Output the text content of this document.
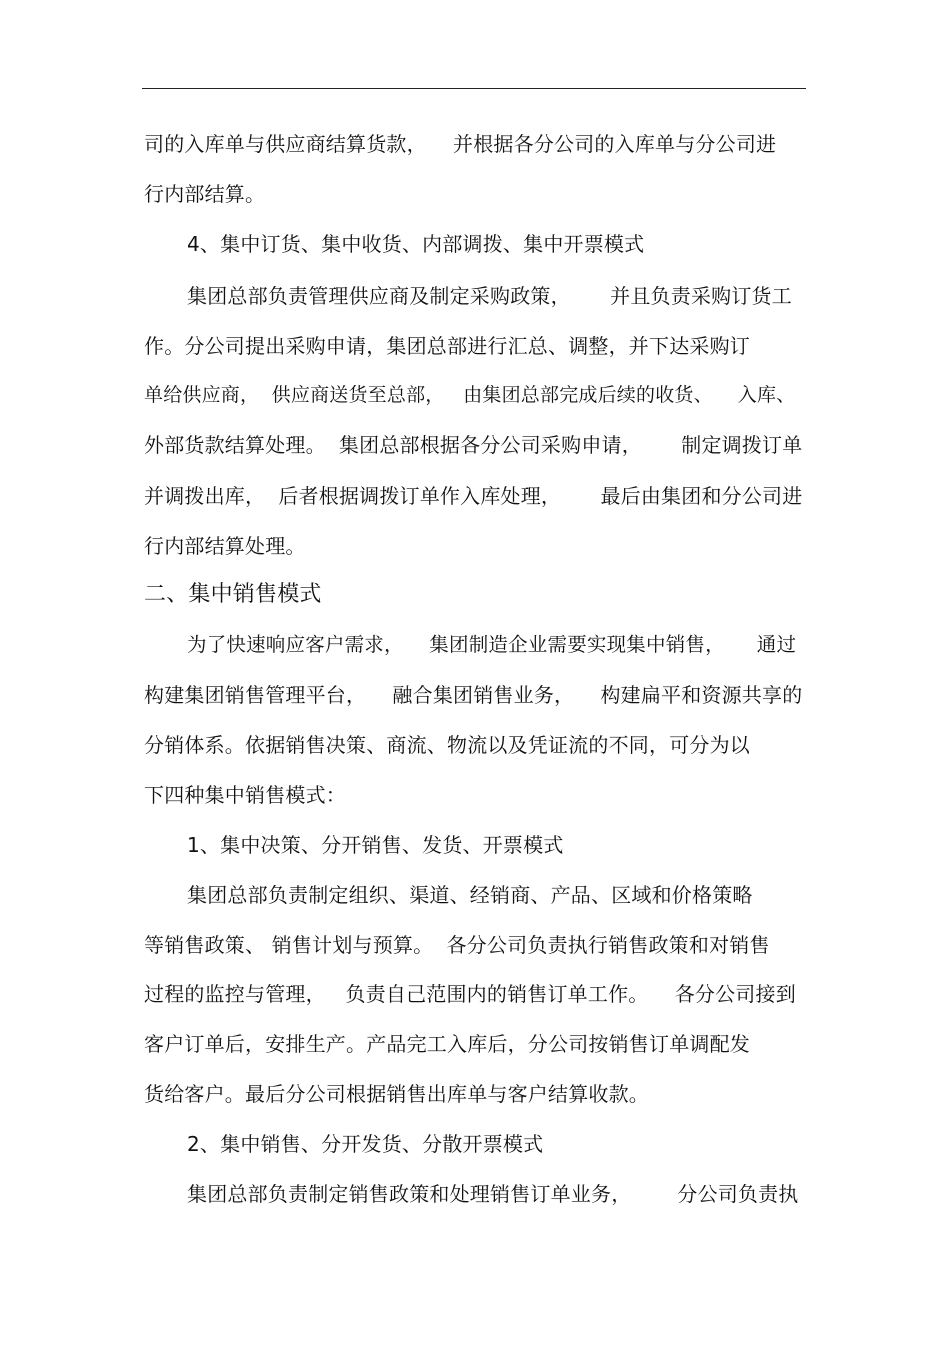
司的入库单与供应商结算货款，    并根据各分公司的入库单与分公司进
行内部结算。
4、集中订货、集中收货、内部调拨、集中开票模式
集团总部负责管理供应商及制定采购政策，      并且负责采购订货工
作。分公司提出采购申请，集团总部进行汇总、调整，并下达采购订
单给供应商，  供应商送货至总部，   由集团总部完成后续的收货、    入库、
外部货款结算处理。  集团总部根据各分公司采购申请，      制定调拨订单
并调拨出库，  后者根据调拨订单作入库处理，      最后由集团和分公司进
行内部结算处理。
二、集中销售模式
为了快速响应客户需求，    集团制造企业需要实现集中销售，     通过
构建集团销售管理平台，    融合集团销售业务，    构建扁平和资源共享的
分销体系。依据销售决策、商流、物流以及凭证流的不同，可分为以
下四种集中销售模式：
1、集中决策、分开销售、发货、开票模式
集团总部负责制定组织、渠道、经销商、产品、区域和价格策略
等销售政策、 销售计划与预算。  各分公司负责执行销售政策和对销售
过程的监控与管理，   负责自己范围内的销售订单工作。    各分公司接到
客户订单后，安排生产。产品完工入库后，分公司按销售订单调配发
货给客户。最后分公司根据销售出库单与客户结算收款。
2、集中销售、分开发货、分散开票模式
集团总部负责制定销售政策和处理销售订单业务，       分公司负责执
